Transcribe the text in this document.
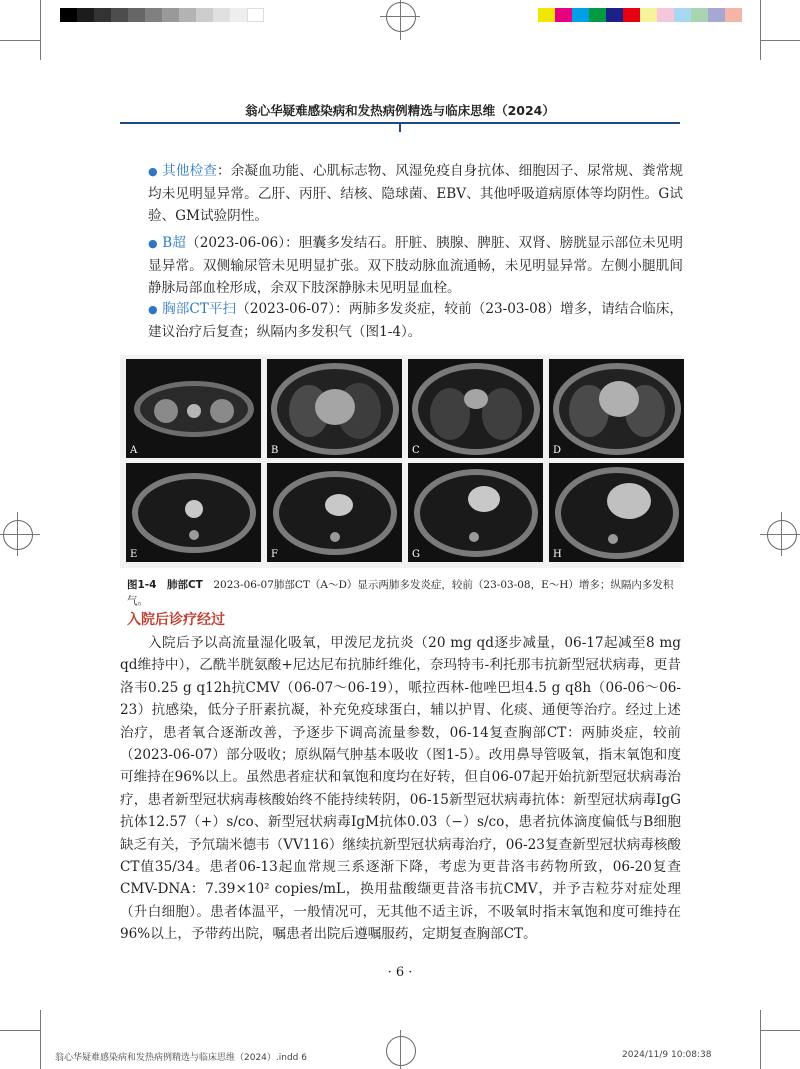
翁心华疑难感染病和发热病例精选与临床思维（2024）
● 其他检查：余凝血功能、心肌标志物、风湿免疫自身抗体、细胞因子、尿常规、粪常规均未见明显异常。乙肝、丙肝、结核、隐球菌、EBV、其他呼吸道病原体等均阴性。G试验、GM试验阴性。
● B超（2023-06-06）：胆囊多发结石。肝脏、胰腺、脾脏、双肾、膀胱显示部位未见明显异常。双侧输尿管未见明显扩张。双下肢动脉血流通畅，未见明显异常。左侧小腿肌间静脉局部血栓形成，余双下肢深静脉未见明显血栓。
● 胸部CT平扫（2023-06-07）：两肺多发炎症，较前（23-03-08）增多，请结合临床，建议治疗后复查；纵隔内多发积气（图1-4）。
A	B	C	D
E	F	G	H
图1-4　肺部CT　 2023-06-07肺部CT（A～D）显示两肺多发炎症，较前（23-03-08，E～H）增多；纵隔内多发积气。
入院后诊疗经过
入院后予以高流量湿化吸氧，甲泼尼龙抗炎（20 mg qd逐步减量，06-17起减至8 mg qd维持中），乙酰半胱氨酸+尼达尼布抗肺纤维化，奈玛特韦-利托那韦抗新型冠状病毒，更昔洛韦0.25 g q12h抗CMV（06-07～06-19），哌拉西林-他唑巴坦4.5 g q8h（06-06～06-23）抗感染，低分子肝素抗凝，补充免疫球蛋白，辅以护胃、化痰、通便等治疗。经过上述治疗，患者氧合逐渐改善，予逐步下调高流量参数，06-14复查胸部CT：两肺炎症，较前（2023-06-07）部分吸收；原纵隔气肿基本吸收（图1-5）。改用鼻导管吸氧，指末氧饱和度可维持在96%以上。虽然患者症状和氧饱和度均在好转，但自06-07起开始抗新型冠状病毒治疗，患者新型冠状病毒核酸始终不能持续转阴，06-15新型冠状病毒抗体：新型冠状病毒IgG抗体12.57（+）s/co、新型冠状病毒IgM抗体0.03（−）s/co，患者抗体滴度偏低与B细胞缺乏有关，予氘瑞米德韦（VV116）继续抗新型冠状病毒治疗，06-23复查新型冠状病毒核酸CT值35/34。患者06-13起血常规三系逐渐下降，考虑为更昔洛韦药物所致，06-20复查CMV-DNA：7.39×10² copies/mL，换用盐酸缬更昔洛韦抗CMV，并予吉粒芬对症处理（升白细胞）。患者体温平，一般情况可，无其他不适主诉，不吸氧时指末氧饱和度可维持在96%以上，予带药出院，嘱患者出院后遵嘱服药，定期复查胸部CT。
· 6 ·
翁心华疑难感染病和发热病例精选与临床思维（2024）.indd 6	2024/11/9 10:08:38
